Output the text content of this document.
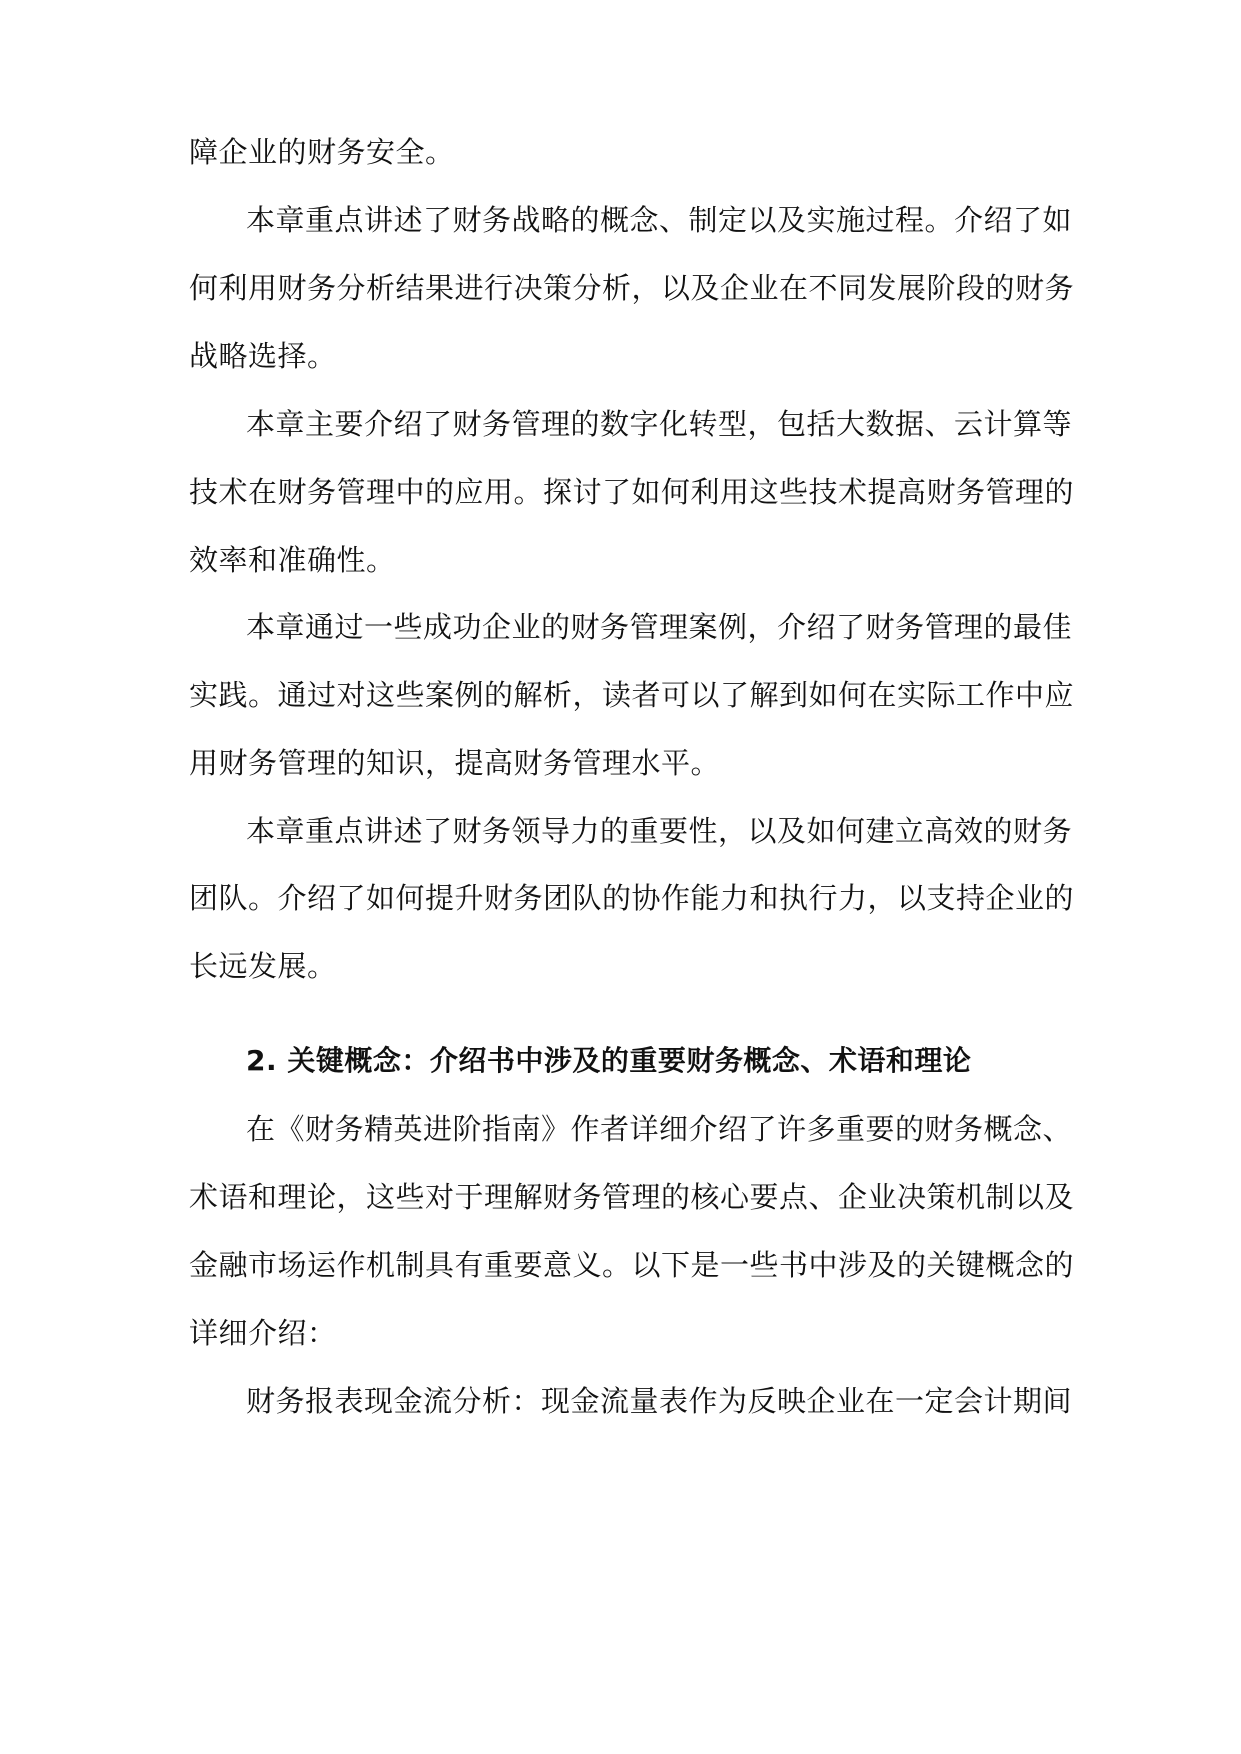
障企业的财务安全。
本章重点讲述了财务战略的概念、制定以及实施过程。介绍了如
何利用财务分析结果进行决策分析，以及企业在不同发展阶段的财务
战略选择。
本章主要介绍了财务管理的数字化转型，包括大数据、云计算等
技术在财务管理中的应用。探讨了如何利用这些技术提高财务管理的
效率和准确性。
本章通过一些成功企业的财务管理案例，介绍了财务管理的最佳
实践。通过对这些案例的解析，读者可以了解到如何在实际工作中应
用财务管理的知识，提高财务管理水平。
本章重点讲述了财务领导力的重要性，以及如何建立高效的财务
团队。介绍了如何提升财务团队的协作能力和执行力，以支持企业的
长远发展。
2. 关键概念：介绍书中涉及的重要财务概念、术语和理论
在《财务精英进阶指南》作者详细介绍了许多重要的财务概念、
术语和理论，这些对于理解财务管理的核心要点、企业决策机制以及
金融市场运作机制具有重要意义。以下是一些书中涉及的关键概念的
详细介绍：
财务报表现金流分析：现金流量表作为反映企业在一定会计期间
